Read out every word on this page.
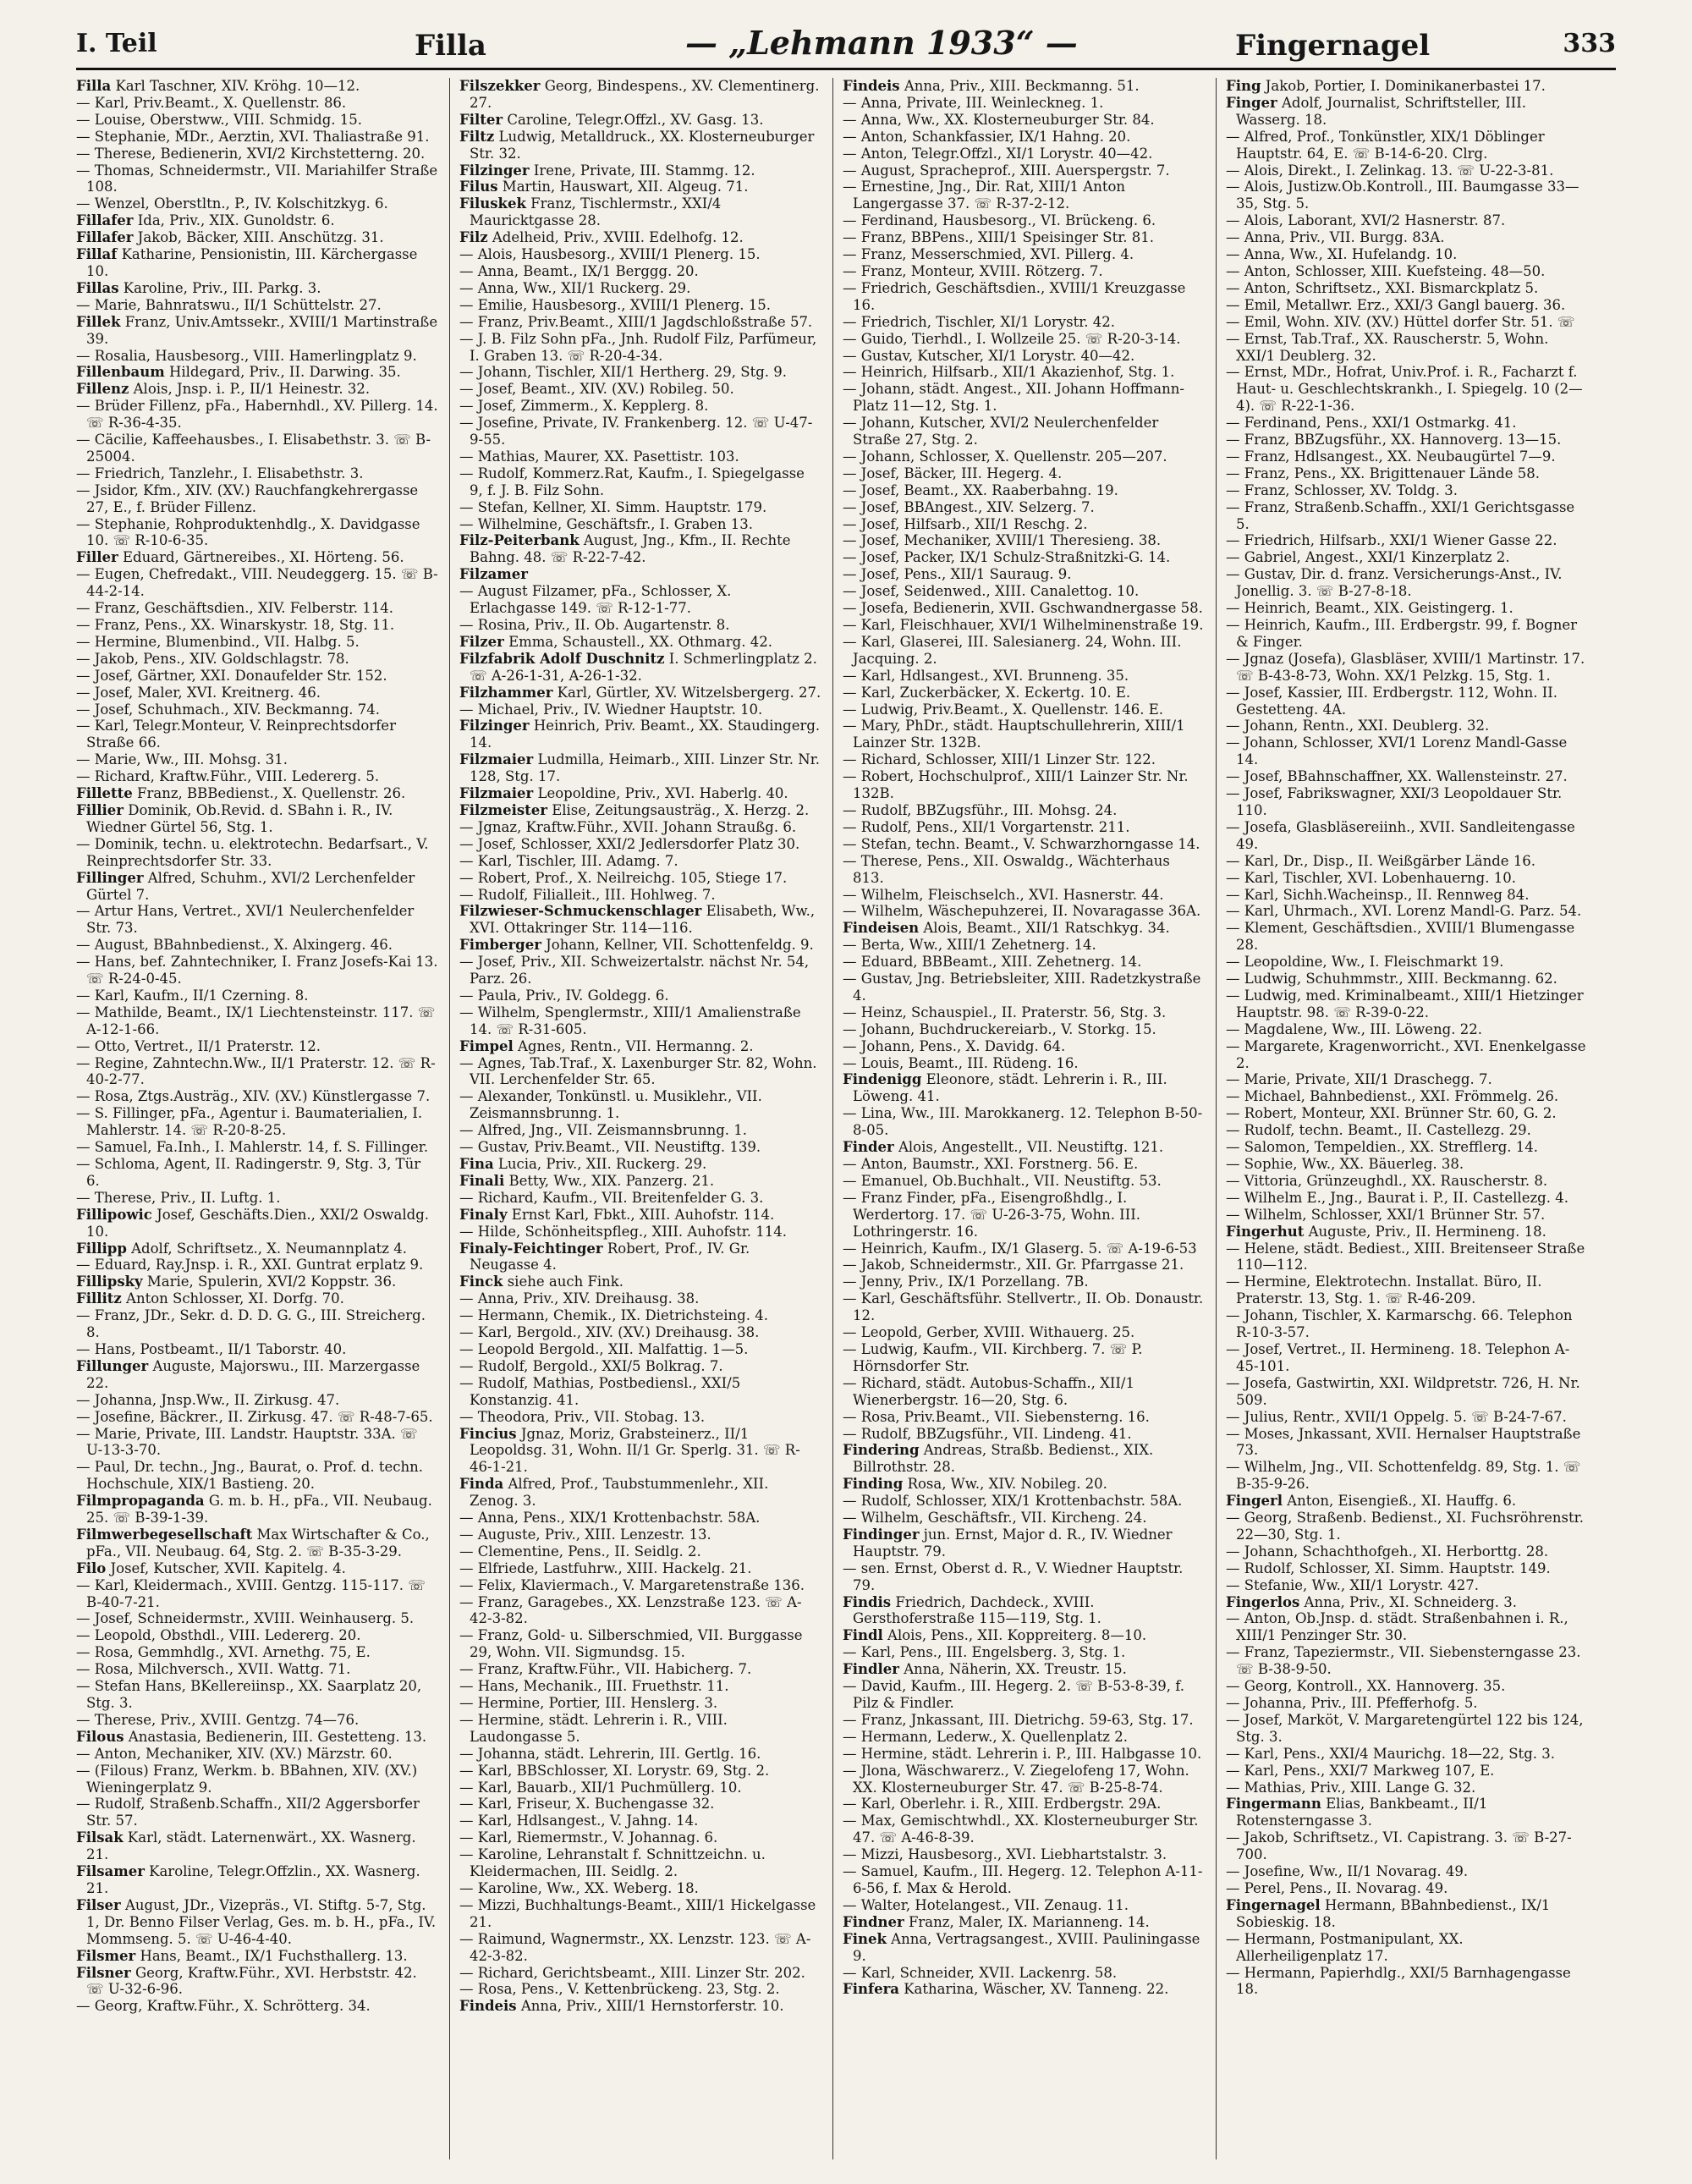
I. Teil	Filla	— „Lehmann 1933“ —	Fingernagel	333

Filla Karl Taschner, XIV. Kröhg. 10—12.

— Karl, Priv.Beamt., X. Quellenstr. 86.

— Louise, Oberstww., VIII. Schmidg. 15.

— Stephanie, M̃Dr., Aerztin, XVI. Thaliastraße 91.

— Therese, Bedienerin, XVI/2 Kirchstetterng. 20.

— Thomas, Schneidermstr., VII. Mariahilfer Straße 108.

— Wenzel, Oberstltn., P., IV. Kolschitzkyg. 6.

Fillafer Ida, Priv., XIX. Gunoldstr. 6.

Fillafer Jakob, Bäcker, XIII. Anschützg. 31.

Fillaf Katharine, Pensionistin, III. Kärchergasse 10.

Fillas Karoline, Priv., III. Parkg. 3.

— Marie, Bahnratswu., II/1 Schüttelstr. 27.

Fillek Franz, Univ.Amtssekr., XVIII/1 Martinstraße 39.

— Rosalia, Hausbesorg., VIII. Hamerlingplatz 9.

Fillenbaum Hildegard, Priv., II. Darwing. 35.

Fillenz Alois, Jnsp. i. P., II/1 Heinestr. 32.

— Brüder Fillenz, pFa., Habernhdl., XV. Pillerg. 14. ☏ R-36-4-35.

— Cäcilie, Kaffeehausbes., I. Elisabethstr. 3. ☏ B-25004.

— Friedrich, Tanzlehr., I. Elisabethstr. 3.

— Jsidor, Kfm., XIV. (XV.) Rauchfangkehrergasse 27, E., f. Brüder Fillenz.

— Stephanie, Rohproduktenhdlg., X. Davidgasse 10. ☏ R-10-6-35.

Filler Eduard, Gärtnereibes., XI. Hörteng. 56.

— Eugen, Chefredakt., VIII. Neudeggerg. 15. ☏ B-44-2-14.

— Franz, Geschäftsdien., XIV. Felberstr. 114.

— Franz, Pens., XX. Winarskystr. 18, Stg. 11.

— Hermine, Blumenbind., VII. Halbg. 5.

— Jakob, Pens., XIV. Goldschlagstr. 78.

— Josef, Gärtner, XXI. Donaufelder Str. 152.

— Josef, Maler, XVI. Kreitnerg. 46.

— Josef, Schuhmach., XIV. Beckmanng. 74.

— Karl, Telegr.Monteur, V. Reinprechtsdorfer Straße 66.

— Marie, Ww., III. Mohsg. 31.

— Richard, Kraftw.Führ., VIII. Ledererg. 5.

Fillette Franz, BBBedienst., X. Quellenstr. 26.

Fillier Dominik, Ob.Revid. d. SBahn i. R., IV. Wiedner Gürtel 56, Stg. 1.

— Dominik, techn. u. elektrotechn. Bedarfsart., V. Reinprechtsdorfer Str. 33.

Fillinger Alfred, Schuhm., XVI/2 Lerchenfelder Gürtel 7.

— Artur Hans, Vertret., XVI/1 Neulerchenfelder Str. 73.

— August, BBahnbedienst., X. Alxingerg. 46.

— Hans, bef. Zahntechniker, I. Franz Josefs-Kai 13. ☏ R-24-0-45.

— Karl, Kaufm., II/1 Czerning. 8.

— Mathilde, Beamt., IX/1 Liechtensteinstr. 117. ☏ A-12-1-66.

— Otto, Vertret., II/1 Praterstr. 12.

— Regine, Zahntechn.Ww., II/1 Praterstr. 12. ☏ R-40-2-77.

— Rosa, Ztgs.Austräg., XIV. (XV.) Künstlergasse 7.

— S. Fillinger, pFa., Agentur i. Baumaterialien, I. Mahlerstr. 14. ☏ R-20-8-25.

— Samuel, Fa.Inh., I. Mahlerstr. 14, f. S. Fillinger.

— Schloma, Agent, II. Radingerstr. 9, Stg. 3, Tür 6.

— Therese, Priv., II. Luftg. 1.

Fillipowic Josef, Geschäfts.Dien., XXI/2 Oswaldg. 10.

Fillipp Adolf, Schriftsetz., X. Neumannplatz 4.

— Eduard, Ray.Jnsp. i. R., XXI. Guntrat erplatz 9.

Fillipsky Marie, Spulerin, XVI/2 Koppstr. 36.

Fillitz Anton Schlosser, XI. Dorfg. 70.

— Franz, JDr., Sekr. d. D. D. G. G., III. Streicherg. 8.

— Hans, Postbeamt., II/1 Taborstr. 40.

Fillunger Auguste, Majorswu., III. Marzergasse 22.

— Johanna, Jnsp.Ww., II. Zirkusg. 47.

— Josefine, Bäckrer., II. Zirkusg. 47. ☏ R-48-7-65.

— Marie, Private, III. Landstr. Hauptstr. 33A. ☏ U-13-3-70.

— Paul, Dr. techn., Jng., Baurat, o. Prof. d. techn. Hochschule, XIX/1 Bastieng. 20.

Filmpropaganda G. m. b. H., pFa., VII. Neubaug. 25. ☏ B-39-1-39.

Filmwerbegesellschaft Max Wirtschafter & Co., pFa., VII. Neubaug. 64, Stg. 2. ☏ B-35-3-29.

Filo Josef, Kutscher, XVII. Kapitelg. 4.

— Karl, Kleidermach., XVIII. Gentzg. 115-117. ☏ B-40-7-21.

— Josef, Schneidermstr., XVIII. Weinhauserg. 5.

— Leopold, Obsthdl., VIII. Ledererg. 20.

— Rosa, Gemmhdlg., XVI. Arnethg. 75, E.

— Rosa, Milchversch., XVII. Wattg. 71.

— Stefan Hans, BKellereiinsp., XX. Saarplatz 20, Stg. 3.

— Therese, Priv., XVIII. Gentzg. 74—76.

Filous Anastasia, Bedienerin, III. Gestetteng. 13.

— Anton, Mechaniker, XIV. (XV.) Märzstr. 60.

— (Filous) Franz, Werkm. b. BBahnen, XIV. (XV.) Wieningerplatz 9.

— Rudolf, Straßenb.Schaffn., XII/2 Aggersborfer Str. 57.

Filsak Karl, städt. Laternenwärt., XX. Wasnerg. 21.

Filsamer Karoline, Telegr.Offzlin., XX. Wasnerg. 21.

Filser August, JDr., Vizepräs., VI. Stiftg. 5-7, Stg. 1, Dr. Benno Filser Verlag, Ges. m. b. H., pFa., IV. Mommseng. 5. ☏ U-46-4-40.

Filsmer Hans, Beamt., IX/1 Fuchsthallerg. 13.

Filsner Georg, Kraftw.Führ., XVI. Herbststr. 42. ☏ U-32-6-96.

— Georg, Kraftw.Führ., X. Schrötterg. 34.

Filszekker Georg, Bindespens., XV. Clementinerg. 27.

Filter Caroline, Telegr.Offzl., XV. Gasg. 13.

Filtz Ludwig, Metalldruck., XX. Klosterneuburger Str. 32.

Filzinger Irene, Private, III. Stammg. 12.

Filus Martin, Hauswart, XII. Algeug. 71.

Filuskek Franz, Tischlermstr., XXI/4 Mauricktgasse 28.

Filz Adelheid, Priv., XVIII. Edelhofg. 12.

— Alois, Hausbesorg., XVIII/1 Plenerg. 15.

— Anna, Beamt., IX/1 Berggg. 20.

— Anna, Ww., XII/1 Ruckerg. 29.

— Emilie, Hausbesorg., XVIII/1 Plenerg. 15.

— Franz, Priv.Beamt., XIII/1 Jagdschloßstraße 57.

— J. B. Filz Sohn pFa., Jnh. Rudolf Filz, Parfümeur, I. Graben 13. ☏ R-20-4-34.

— Johann, Tischler, XII/1 Hertherg. 29, Stg. 9.

— Josef, Beamt., XIV. (XV.) Robileg. 50.

— Josef, Zimmerm., X. Kepplerg. 8.

— Josefine, Private, IV. Frankenberg. 12. ☏ U-47-9-55.

— Mathias, Maurer, XX. Pasettistr. 103.

— Rudolf, Kommerz.Rat, Kaufm., I. Spiegelgasse 9, f. J. B. Filz Sohn.

— Stefan, Kellner, XI. Simm. Hauptstr. 179.

— Wilhelmine, Geschäftsfr., I. Graben 13.

Filz-Peiterbank August, Jng., Kfm., II. Rechte Bahng. 48. ☏ R-22-7-42.

Filzamer

— August Filzamer, pFa., Schlosser, X. Erlachgasse 149. ☏ R-12-1-77.

— Rosina, Priv., II. Ob. Augartenstr. 8.

Filzer Emma, Schaustell., XX. Othmarg. 42.

Filzfabrik Adolf Duschnitz I. Schmerlingplatz 2. ☏ A-26-1-31, A-26-1-32.

Filzhammer Karl, Gürtler, XV. Witzelsbergerg. 27.

— Michael, Priv., IV. Wiedner Hauptstr. 10.

Filzinger Heinrich, Priv. Beamt., XX. Staudingerg. 14.

Filzmaier Ludmilla, Heimarb., XIII. Linzer Str. Nr. 128, Stg. 17.

Filzmaier Leopoldine, Priv., XVI. Haberlg. 40.

Filzmeister Elise, Zeitungsausträg., X. Herzg. 2.

— Jgnaz, Kraftw.Führ., XVII. Johann Straußg. 6.

— Josef, Schlosser, XXI/2 Jedlersdorfer Platz 30.

— Karl, Tischler, III. Adamg. 7.

— Robert, Prof., X. Neilreichg. 105, Stiege 17.

— Rudolf, Filialleit., III. Hohlweg. 7.

Filzwieser-Schmuckenschlager Elisabeth, Ww., XVI. Ottakringer Str. 114—116.

Fimberger Johann, Kellner, VII. Schottenfeldg. 9.

— Josef, Priv., XII. Schweizertalstr. nächst Nr. 54, Parz. 26.

— Paula, Priv., IV. Goldegg. 6.

— Wilhelm, Spenglermstr., XIII/1 Amalienstraße 14. ☏ R-31-605.

Fimpel Agnes, Rentn., VII. Hermanng. 2.

— Agnes, Tab.Traf., X. Laxenburger Str. 82, Wohn. VII. Lerchenfelder Str. 65.

— Alexander, Tonkünstl. u. Musiklehr., VII. Zeismannsbrunng. 1.

— Alfred, Jng., VII. Zeismannsbrunng. 1.

— Gustav, Priv.Beamt., VII. Neustiftg. 139.

Fina Lucia, Priv., XII. Ruckerg. 29.

Finali Betty, Ww., XIX. Panzerg. 21.

— Richard, Kaufm., VII. Breitenfelder G. 3.

Finaly Ernst Karl, Fbkt., XIII. Auhofstr. 114.

— Hilde, Schönheitspfleg., XIII. Auhofstr. 114.

Finaly-Feichtinger Robert, Prof., IV. Gr. Neugasse 4.

Finck siehe auch Fink.

— Anna, Priv., XIV. Dreihausg. 38.

— Hermann, Chemik., IX. Dietrichsteing. 4.

— Karl, Bergold., XIV. (XV.) Dreihausg. 38.

— Leopold Bergold., XII. Malfattig. 1—5.

— Rudolf, Bergold., XXI/5 Bolkrag. 7.

— Rudolf, Mathias, Postbediensl., XXI/5 Konstanzig. 41.

— Theodora, Priv., VII. Stobag. 13.

Fincius Jgnaz, Moriz, Grabsteinerz., II/1 Leopoldsg. 31, Wohn. II/1 Gr. Sperlg. 31. ☏ R-46-1-21.

Finda Alfred, Prof., Taubstummenlehr., XII. Zenog. 3.

— Anna, Pens., XIX/1 Krottenbachstr. 58A.

— Auguste, Priv., XIII. Lenzestr. 13.

— Clementine, Pens., II. Seidlg. 2.

— Elfriede, Lastfuhrw., XIII. Hackelg. 21.

— Felix, Klaviermach., V. Margaretenstraße 136.

— Franz, Garagebes., XX. Lenzstraße 123. ☏ A-42-3-82.

— Franz, Gold- u. Silberschmied, VII. Burggasse 29, Wohn. VII. Sigmundsg. 15.

— Franz, Kraftw.Führ., VII. Habicherg. 7.

— Hans, Mechanik., III. Fruethstr. 11.

— Hermine, Portier, III. Henslerg. 3.

— Hermine, städt. Lehrerin i. R., VIII. Laudongasse 5.

— Johanna, städt. Lehrerin, III. Gertlg. 16.

— Karl, BBSchlosser, XI. Lorystr. 69, Stg. 2.

— Karl, Bauarb., XII/1 Puchmüllerg. 10.

— Karl, Friseur, X. Buchengasse 32.

— Karl, Hdlsangest., V. Jahng. 14.

— Karl, Riemermstr., V. Johannag. 6.

— Karoline, Lehranstalt f. Schnittzeichn. u. Kleidermachen, III. Seidlg. 2.

— Karoline, Ww., XX. Weberg. 18.

— Mizzi, Buchhaltungs-Beamt., XIII/1 Hickelgasse 21.

— Raimund, Wagnermstr., XX. Lenzstr. 123. ☏ A-42-3-82.

— Richard, Gerichtsbeamt., XIII. Linzer Str. 202.

— Rosa, Pens., V. Kettenbrückeng. 23, Stg. 2.

Findeis Anna, Priv., XIII/1 Hernstorferstr. 10.

Findeis Anna, Priv., XIII. Beckmanng. 51.

— Anna, Private, III. Weinleckneg. 1.

— Anna, Ww., XX. Klosterneuburger Str. 84.

— Anton, Schankfassier, IX/1 Hahng. 20.

— Anton, Telegr.Offzl., XI/1 Lorystr. 40—42.

— August, Spracheprof., XIII. Auerspergstr. 7.

— Ernestine, Jng., Dir. Rat, XIII/1 Anton Langergasse 37. ☏ R-37-2-12.

— Ferdinand, Hausbesorg., VI. Brückeng. 6.

— Franz, BBPens., XIII/1 Speisinger Str. 81.

— Franz, Messerschmied, XVI. Pillerg. 4.

— Franz, Monteur, XVIII. Rötzerg. 7.

— Friedrich, Geschäftsdien., XVIII/1 Kreuzgasse 16.

— Friedrich, Tischler, XI/1 Lorystr. 42.

— Guido, Tierhdl., I. Wollzeile 25. ☏ R-20-3-14.

— Gustav, Kutscher, XI/1 Lorystr. 40—42.

— Heinrich, Hilfsarb., XII/1 Akazienhof, Stg. 1.

— Johann, städt. Angest., XII. Johann Hoffmann-Platz 11—12, Stg. 1.

— Johann, Kutscher, XVI/2 Neulerchenfelder Straße 27, Stg. 2.

— Johann, Schlosser, X. Quellenstr. 205—207.

— Josef, Bäcker, III. Hegerg. 4.

— Josef, Beamt., XX. Raaberbahng. 19.

— Josef, BBAngest., XIV. Selzerg. 7.

— Josef, Hilfsarb., XII/1 Reschg. 2.

— Josef, Mechaniker, XVIII/1 Theresieng. 38.

— Josef, Packer, IX/1 Schulz-Straßnitzki-G. 14.

— Josef, Pens., XII/1 Sauraug. 9.

— Josef, Seidenwed., XIII. Canalettog. 10.

— Josefa, Bedienerin, XVII. Gschwandnergasse 58.

— Karl, Fleischhauer, XVI/1 Wilhelminenstraße 19.

— Karl, Glaserei, III. Salesianerg. 24, Wohn. III. Jacquing. 2.

— Karl, Hdlsangest., XVI. Brunneng. 35.

— Karl, Zuckerbäcker, X. Eckertg. 10. E.

— Ludwig, Priv.Beamt., X. Quellenstr. 146. E.

— Mary, PhDr., städt. Hauptschullehrerin, XIII/1 Lainzer Str. 132B.

— Richard, Schlosser, XIII/1 Linzer Str. 122.

— Robert, Hochschulprof., XIII/1 Lainzer Str. Nr. 132B.

— Rudolf, BBZugsführ., III. Mohsg. 24.

— Rudolf, Pens., XII/1 Vorgartenstr. 211.

— Stefan, techn. Beamt., V. Schwarzhorngasse 14.

— Therese, Pens., XII. Oswaldg., Wächterhaus 813.

— Wilhelm, Fleischselch., XVI. Hasnerstr. 44.

— Wilhelm, Wäschepuhzerei, II. Novaragasse 36A.

Findeisen Alois, Beamt., XII/1 Ratschkyg. 34.

— Berta, Ww., XIII/1 Zehetnerg. 14.

— Eduard, BBBeamt., XIII. Zehetnerg. 14.

— Gustav, Jng. Betriebsleiter, XIII. Radetzkystraße 4.

— Heinz, Schauspiel., II. Praterstr. 56, Stg. 3.

— Johann, Buchdruckereiarb., V. Storkg. 15.

— Johann, Pens., X. Davidg. 64.

— Louis, Beamt., III. Rüdeng. 16.

Findenigg Eleonore, städt. Lehrerin i. R., III. Löweng. 41.

— Lina, Ww., III. Marokkanerg. 12. Telephon B-50-8-05.

Finder Alois, Angestellt., VII. Neustiftg. 121.

— Anton, Baumstr., XXI. Forstnerg. 56. E.

— Emanuel, Ob.Buchhalt., VII. Neustiftg. 53.

— Franz Finder, pFa., Eisengroßhdlg., I. Werdertorg. 17. ☏ U-26-3-75, Wohn. III. Lothringerstr. 16.

— Heinrich, Kaufm., IX/1 Glaserg. 5. ☏ A-19-6-53

— Jakob, Schneidermstr., XII. Gr. Pfarrgasse 21.

— Jenny, Priv., IX/1 Porzellang. 7B.

— Karl, Geschäftsführ. Stellvertr., II. Ob. Donaustr. 12.

— Leopold, Gerber, XVIII. Withauerg. 25.

— Ludwig, Kaufm., VII. Kirchberg. 7. ☏ P. Hörnsdorfer Str.

— Richard, städt. Autobus-Schaffn., XII/1 Wienerbergstr. 16—20, Stg. 6.

— Rosa, Priv.Beamt., VII. Siebensterng. 16.

— Rudolf, BBZugsführ., VII. Lindeng. 41.

Findering Andreas, Straßb. Bedienst., XIX. Billrothstr. 28.

Finding Rosa, Ww., XIV. Nobileg. 20.

— Rudolf, Schlosser, XIX/1 Krottenbachstr. 58A.

— Wilhelm, Geschäftsfr., VII. Kircheng. 24.

Findinger jun. Ernst, Major d. R., IV. Wiedner Hauptstr. 79.

— sen. Ernst, Oberst d. R., V. Wiedner Hauptstr. 79.

Findis Friedrich, Dachdeck., XVIII. Gersthoferstraße 115—119, Stg. 1.

Findl Alois, Pens., XII. Koppreiterg. 8—10.

— Karl, Pens., III. Engelsberg. 3, Stg. 1.

Findler Anna, Näherin, XX. Treustr. 15.

— David, Kaufm., III. Hegerg. 2. ☏ B-53-8-39, f. Pilz & Findler.

— Franz, Jnkassant, III. Dietrichg. 59-63, Stg. 17.

— Hermann, Lederw., X. Quellenplatz 2.

— Hermine, städt. Lehrerin i. P., III. Halbgasse 10.

— Jlona, Wäschwarerz., V. Ziegelofeng 17, Wohn. XX. Klosterneuburger Str. 47. ☏ B-25-8-74.

— Karl, Oberlehr. i. R., XIII. Erdbergstr. 29A.

— Max, Gemischtwhdl., XX. Klosterneuburger Str. 47. ☏ A-46-8-39.

— Mizzi, Hausbesorg., XVI. Liebhartstalstr. 3.

— Samuel, Kaufm., III. Hegerg. 12. Telephon A-11-6-56, f. Max & Herold.

— Walter, Hotelangest., VII. Zenaug. 11.

Findner Franz, Maler, IX. Marianneng. 14.

Finek Anna, Vertragsangest., XVIII. Pauliningasse 9.

— Karl, Schneider, XVII. Lackenrg. 58.

Finfera Katharina, Wäscher, XV. Tanneng. 22.

Fing Jakob, Portier, I. Dominikanerbastei 17.

Finger Adolf, Journalist, Schriftsteller, III. Wasserg. 18.

— Alfred, Prof., Tonkünstler, XIX/1 Döblinger Hauptstr. 64, E. ☏ B-14-6-20. Clrg.

— Alois, Direkt., I. Zelinkag. 13. ☏ U-22-3-81.

— Alois, Justizw.Ob.Kontroll., III. Baumgasse 33—35, Stg. 5.

— Alois, Laborant, XVI/2 Hasnerstr. 87.

— Anna, Priv., VII. Burgg. 83A.

— Anna, Ww., XI. Hufelandg. 10.

— Anton, Schlosser, XIII. Kuefsteing. 48—50.

— Anton, Schriftsetz., XXI. Bismarckplatz 5.

— Emil, Metallwr. Erz., XXI/3 Gangl bauerg. 36.

— Emil, Wohn. XIV. (XV.) Hüttel dorfer Str. 51. ☏

— Ernst, Tab.Traf., XX. Rauscherstr. 5, Wohn. XXI/1 Deublerg. 32.

— Ernst, MDr., Hofrat, Univ.Prof. i. R., Facharzt f. Haut- u. Geschlechtskrankh., I. Spiegelg. 10 (2—4). ☏ R-22-1-36.

— Ferdinand, Pens., XXI/1 Ostmarkg. 41.

— Franz, BBZugsführ., XX. Hannoverg. 13—15.

— Franz, Hdlsangest., XX. Neubaugürtel 7—9.

— Franz, Pens., XX. Brigittenauer Lände 58.

— Franz, Schlosser, XV. Toldg. 3.

— Franz, Straßenb.Schaffn., XXI/1 Gerichtsgasse 5.

— Friedrich, Hilfsarb., XXI/1 Wiener Gasse 22.

— Gabriel, Angest., XXI/1 Kinzerplatz 2.

— Gustav, Dir. d. franz. Versicherungs-Anst., IV. Jonellig. 3. ☏ B-27-8-18.

— Heinrich, Beamt., XIX. Geistingerg. 1.

— Heinrich, Kaufm., III. Erdbergstr. 99, f. Bogner & Finger.

— Jgnaz (Josefa), Glasbläser, XVIII/1 Martinstr. 17. ☏ B-43-8-73, Wohn. XX/1 Pelzkg. 15, Stg. 1.

— Josef, Kassier, III. Erdbergstr. 112, Wohn. II. Gestetteng. 4A.

— Johann, Rentn., XXI. Deublerg. 32.

— Johann, Schlosser, XVI/1 Lorenz Mandl-Gasse 14.

— Josef, BBahnschaffner, XX. Wallensteinstr. 27.

— Josef, Fabrikswagner, XXI/3 Leopoldauer Str. 110.

— Josefa, Glasbläsereiinh., XVII. Sandleitengasse 49.

— Karl, Dr., Disp., II. Weißgärber Lände 16.

— Karl, Tischler, XVI. Lobenhauerng. 10.

— Karl, Sichh.Wacheinsp., II. Rennweg 84.

— Karl, Uhrmach., XVI. Lorenz Mandl-G. Parz. 54.

— Klement, Geschäftsdien., XVIII/1 Blumengasse 28.

— Leopoldine, Ww., I. Fleischmarkt 19.

— Ludwig, Schuhmmstr., XIII. Beckmanng. 62.

— Ludwig, med. Kriminalbeamt., XIII/1 Hietzinger Hauptstr. 98. ☏ R-39-0-22.

— Magdalene, Ww., III. Löweng. 22.

— Margarete, Kragenworricht., XVI. Enenkelgasse 2.

— Marie, Private, XII/1 Draschegg. 7.

— Michael, Bahnbedienst., XXI. Frömmelg. 26.

— Robert, Monteur, XXI. Brünner Str. 60, G. 2.

— Rudolf, techn. Beamt., II. Castellezg. 29.

— Salomon, Tempeldien., XX. Strefflerg. 14.

— Sophie, Ww., XX. Bäuerleg. 38.

— Vittoria, Grünzeughdl., XX. Rauscherstr. 8.

— Wilhelm E., Jng., Baurat i. P., II. Castellezg. 4.

— Wilhelm, Schlosser, XXI/1 Brünner Str. 57.

Fingerhut Auguste, Priv., II. Hermineng. 18.

— Helene, städt. Bediest., XIII. Breitenseer Straße 110—112.

— Hermine, Elektrotechn. Installat. Büro, II. Praterstr. 13, Stg. 1. ☏ R-46-209.

— Johann, Tischler, X. Karmarschg. 66. Telephon R-10-3-57.

— Josef, Vertret., II. Hermineng. 18. Telephon A-45-101.

— Josefa, Gastwirtin, XXI. Wildpretstr. 726, H. Nr. 509.

— Julius, Rentr., XVII/1 Oppelg. 5. ☏ B-24-7-67.

— Moses, Jnkassant, XVII. Hernalser Hauptstraße 73.

— Wilhelm, Jng., VII. Schottenfeldg. 89, Stg. 1. ☏ B-35-9-26.

Fingerl Anton, Eisengieß., XI. Hauffg. 6.

— Georg, Straßenb. Bedienst., XI. Fuchsröhrenstr. 22—30, Stg. 1.

— Johann, Schachthofgeh., XI. Herborttg. 28.

— Rudolf, Schlosser, XI. Simm. Hauptstr. 149.

— Stefanie, Ww., XII/1 Lorystr. 427.

Fingerlos Anna, Priv., XI. Schneiderg. 3.

— Anton, Ob.Jnsp. d. städt. Straßenbahnen i. R., XIII/1 Penzinger Str. 30.

— Franz, Tapeziermstr., VII. Siebensterngasse 23. ☏ B-38-9-50.

— Georg, Kontroll., XX. Hannoverg. 35.

— Johanna, Priv., III. Pfefferhofg. 5.

— Josef, Marköt, V. Margaretengürtel 122 bis 124, Stg. 3.

— Karl, Pens., XXI/4 Maurichg. 18—22, Stg. 3.

— Karl, Pens., XXI/7 Markweg 107, E.

— Mathias, Priv., XIII. Lange G. 32.

Fingermann Elias, Bankbeamt., II/1 Rotensterngasse 3.

— Jakob, Schriftsetz., VI. Capistrang. 3. ☏ B-27-700.

— Josefine, Ww., II/1 Novarag. 49.

— Perel, Pens., II. Novarag. 49.

Fingernagel Hermann, BBahnbedienst., IX/1 Sobieskig. 18.

— Hermann, Postmanipulant, XX. Allerheiligenplatz 17.

— Hermann, Papierhdlg., XXI/5 Barnhagengasse 18.
